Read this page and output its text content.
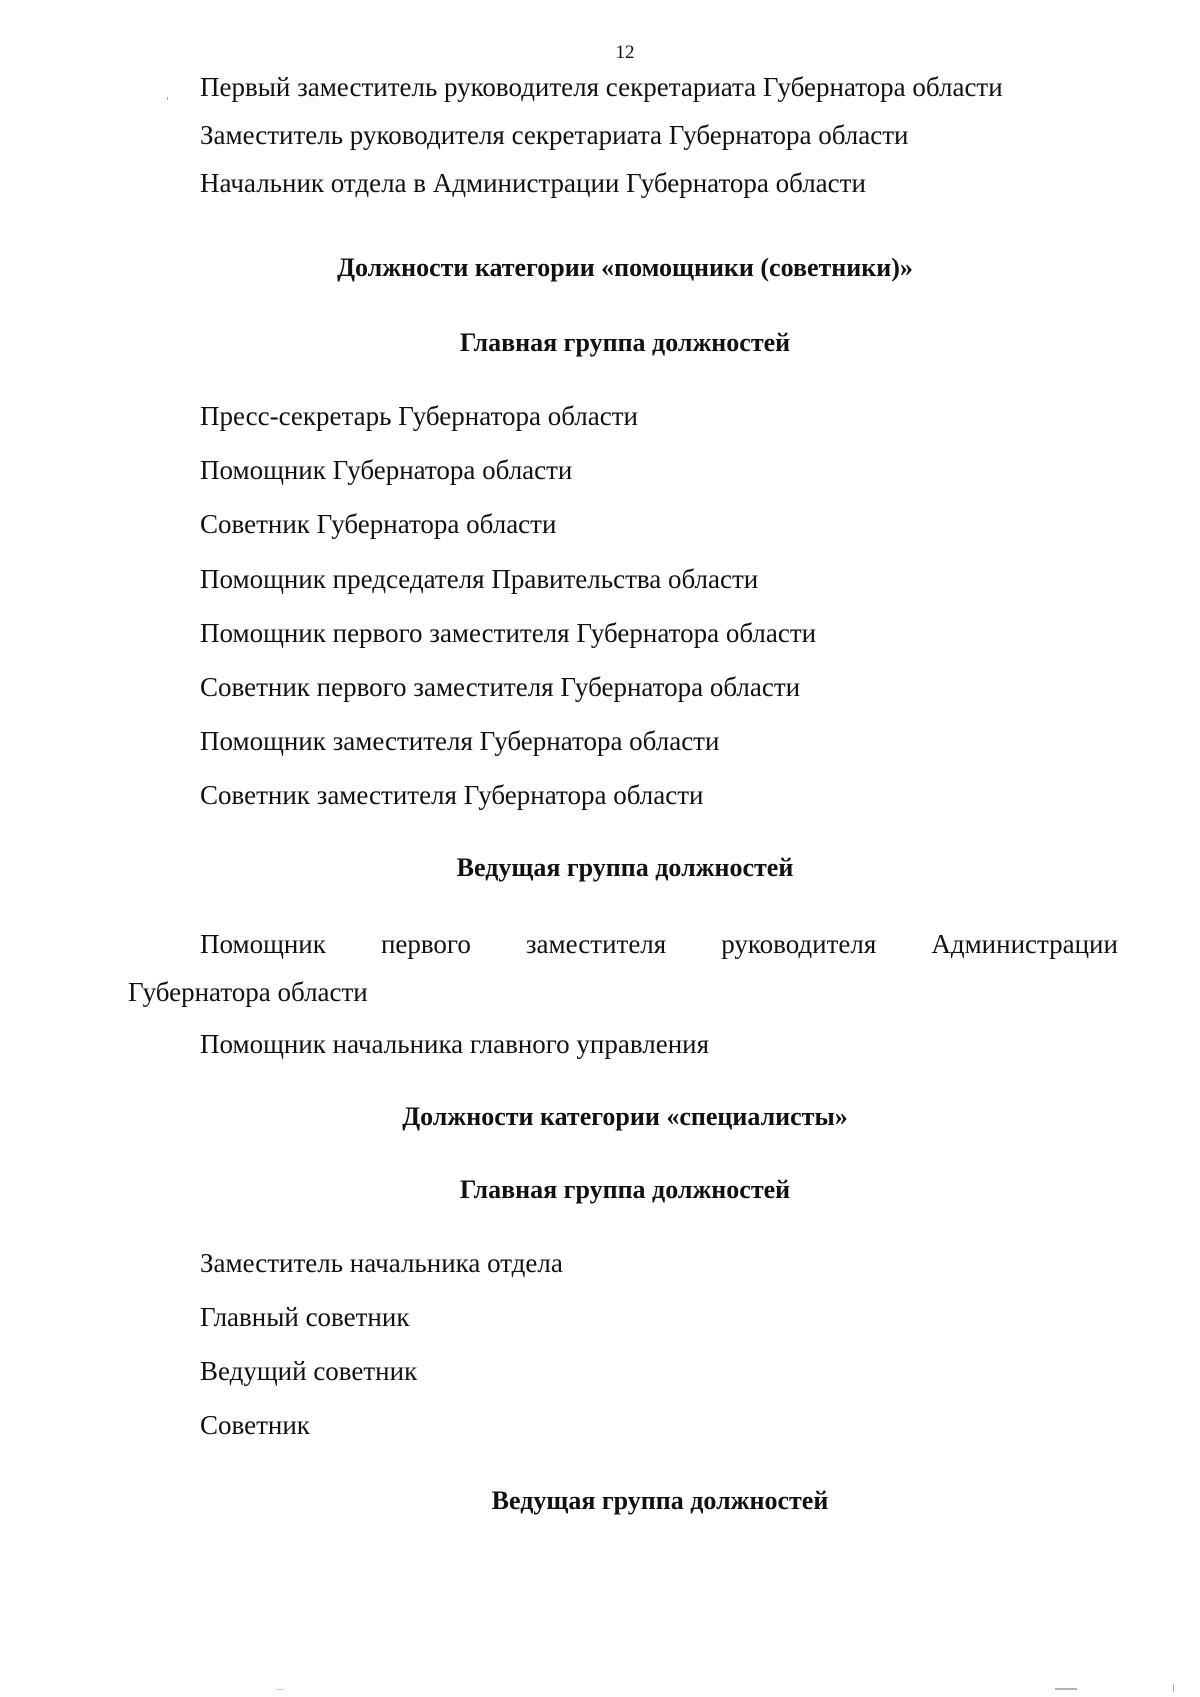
12
Первый заместитель руководителя секретариата Губернатора области
Заместитель руководителя секретариата Губернатора области
Начальник отдела в Администрации Губернатора области
Должности категории «помощники (советники)»
Главная группа должностей
Пресс-секретарь Губернатора области
Помощник Губернатора области
Советник Губернатора области
Помощник председателя Правительства области
Помощник первого заместителя Губернатора области
Советник первого заместителя Губернатора области
Помощник заместителя Губернатора области
Советник заместителя Губернатора области
Ведущая группа должностей
Помощник первого заместителя руководителя Администрации
Губернатора области
Помощник начальника главного управления
Должности категории «специалисты»
Главная группа должностей
Заместитель начальника отдела
Главный советник
Ведущий советник
Советник
Ведущая группа должностей
